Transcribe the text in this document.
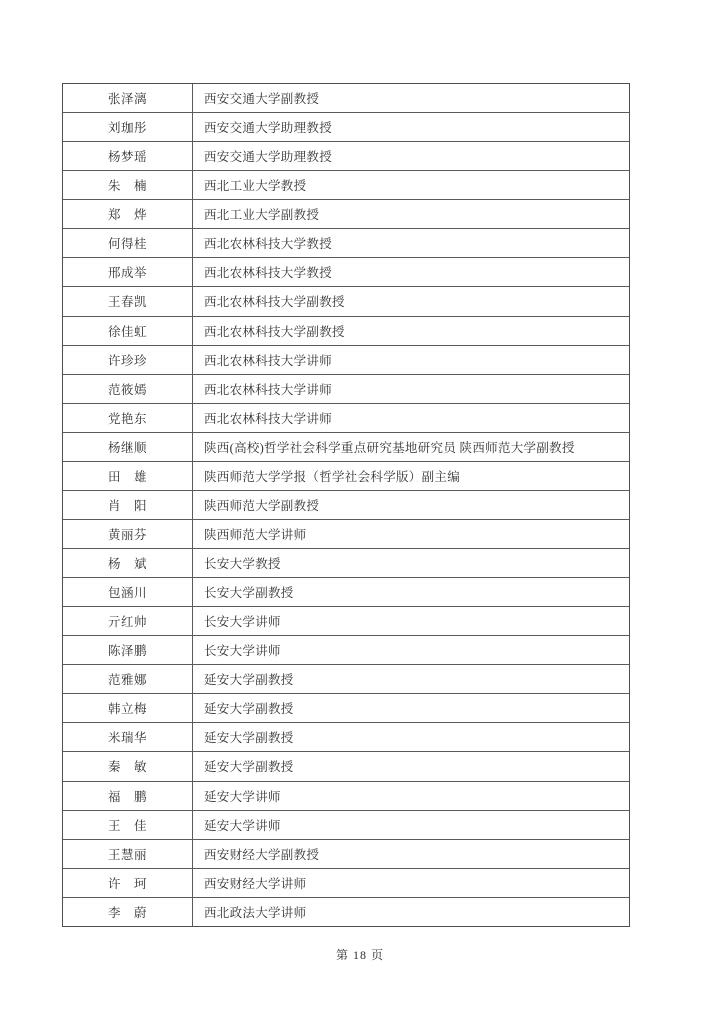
张泽漓	西安交通大学副教授
刘珈彤	西安交通大学助理教授
杨梦瑶	西安交通大学助理教授
朱　楠	西北工业大学教授
郑　烨	西北工业大学副教授
何得桂	西北农林科技大学教授
邢成举	西北农林科技大学教授
王春凯	西北农林科技大学副教授
徐佳虹	西北农林科技大学副教授
许珍珍	西北农林科技大学讲师
范筱嫣	西北农林科技大学讲师
党艳东	西北农林科技大学讲师
杨继顺	陕西(高校)哲学社会科学重点研究基地研究员 陕西师范大学副教授
田　雄	陕西师范大学学报（哲学社会科学版）副主编
肖　阳	陕西师范大学副教授
黄丽芬	陕西师范大学讲师
杨　斌	长安大学教授
包涵川	长安大学副教授
亓红帅	长安大学讲师
陈泽鹏	长安大学讲师
范雅娜	延安大学副教授
韩立梅	延安大学副教授
米瑞华	延安大学副教授
秦　敏	延安大学副教授
福　鹏	延安大学讲师
王　佳	延安大学讲师
王慧丽	西安财经大学副教授
许　珂	西安财经大学讲师
李　蔚	西北政法大学讲师
第 18 页
